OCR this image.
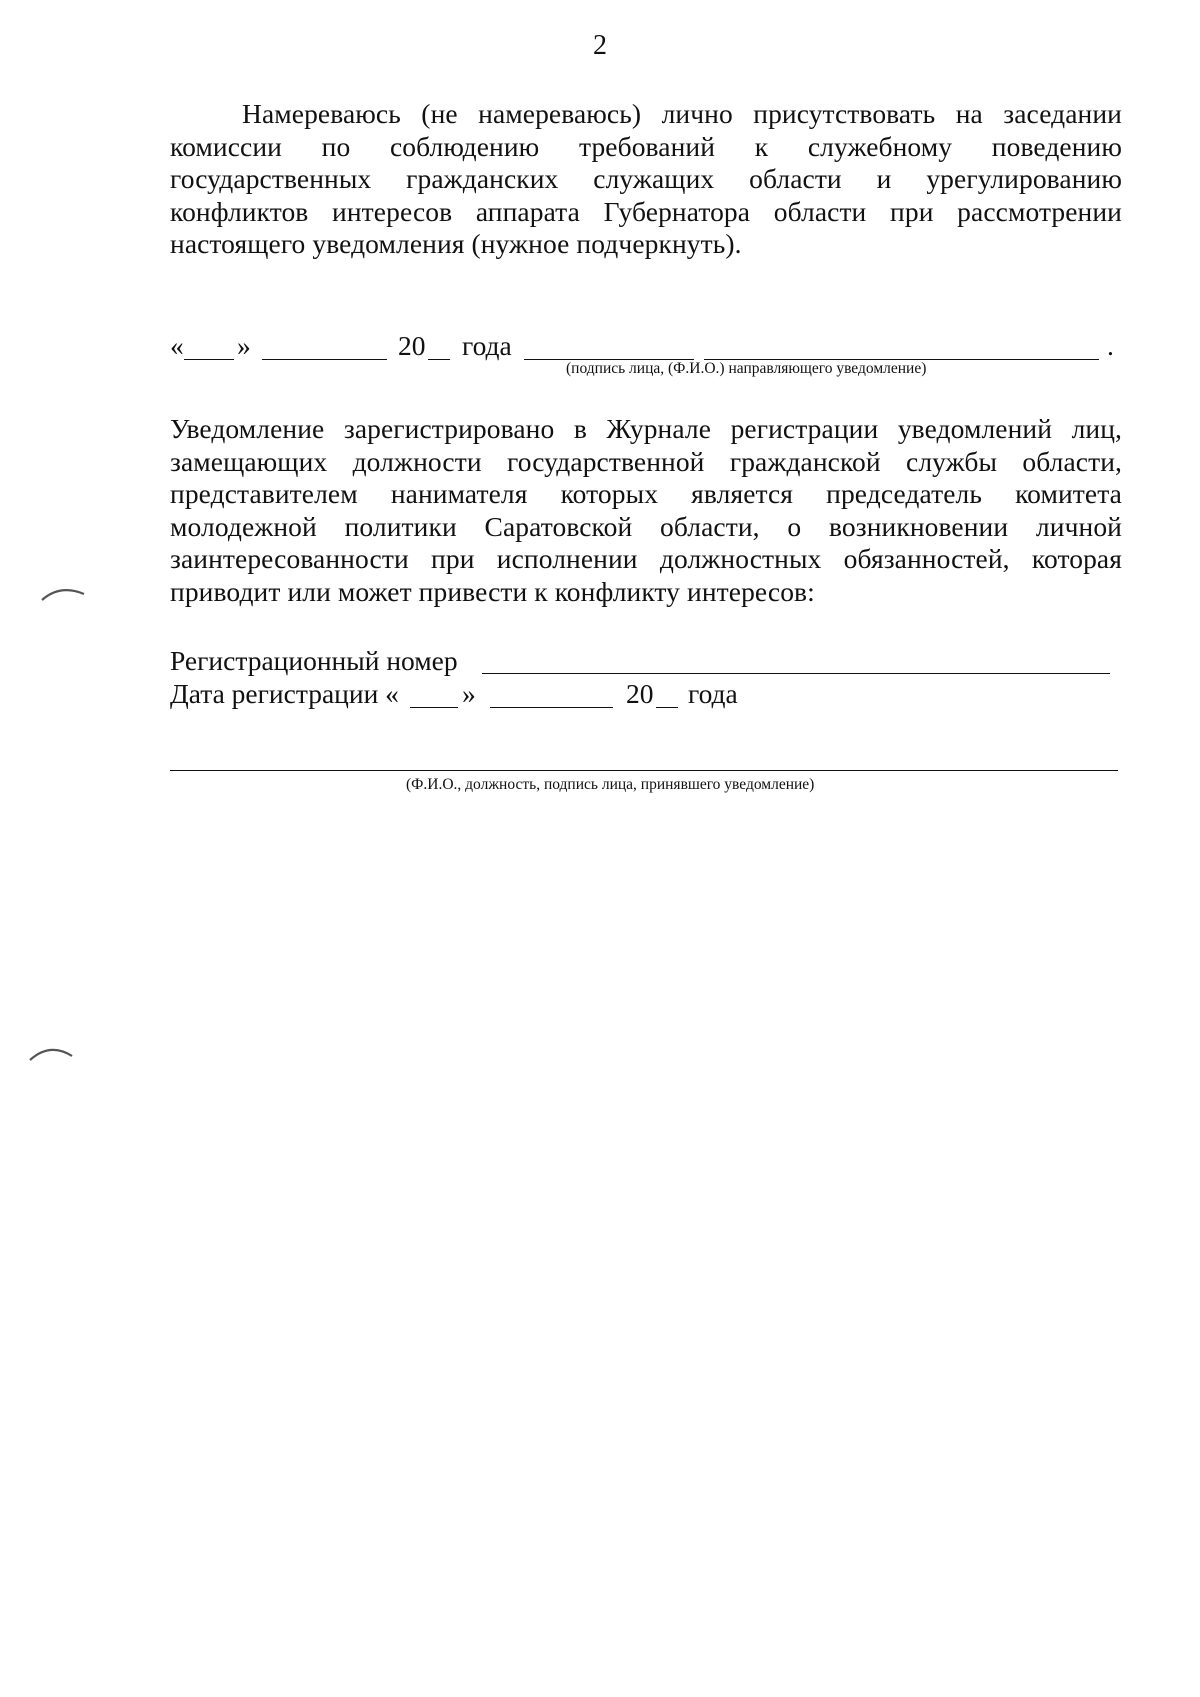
2
Намереваюсь (не намереваюсь) лично присутствовать на заседании комиссии по соблюдению требований к служебному поведению государственных гражданских служащих области и урегулированию конфликтов интересов аппарата Губернатора области при рассмотрении настоящего уведомления (нужное подчеркнуть).
« »	20 года	.
(подпись лица, (Ф.И.О.) направляющего уведомление)
Уведомление зарегистрировано в Журнале регистрации уведомлений лиц, замещающих должности государственной гражданской службы области, представителем нанимателя которых является председатель комитета молодежной политики Саратовской области, о возникновении личной заинтересованности при исполнении должностных обязанностей, которая приводит или может привести к конфликту интересов:
Регистрационный номер
Дата регистрации « »	20 года
(Ф.И.О., должность, подпись лица, принявшего уведомление)
